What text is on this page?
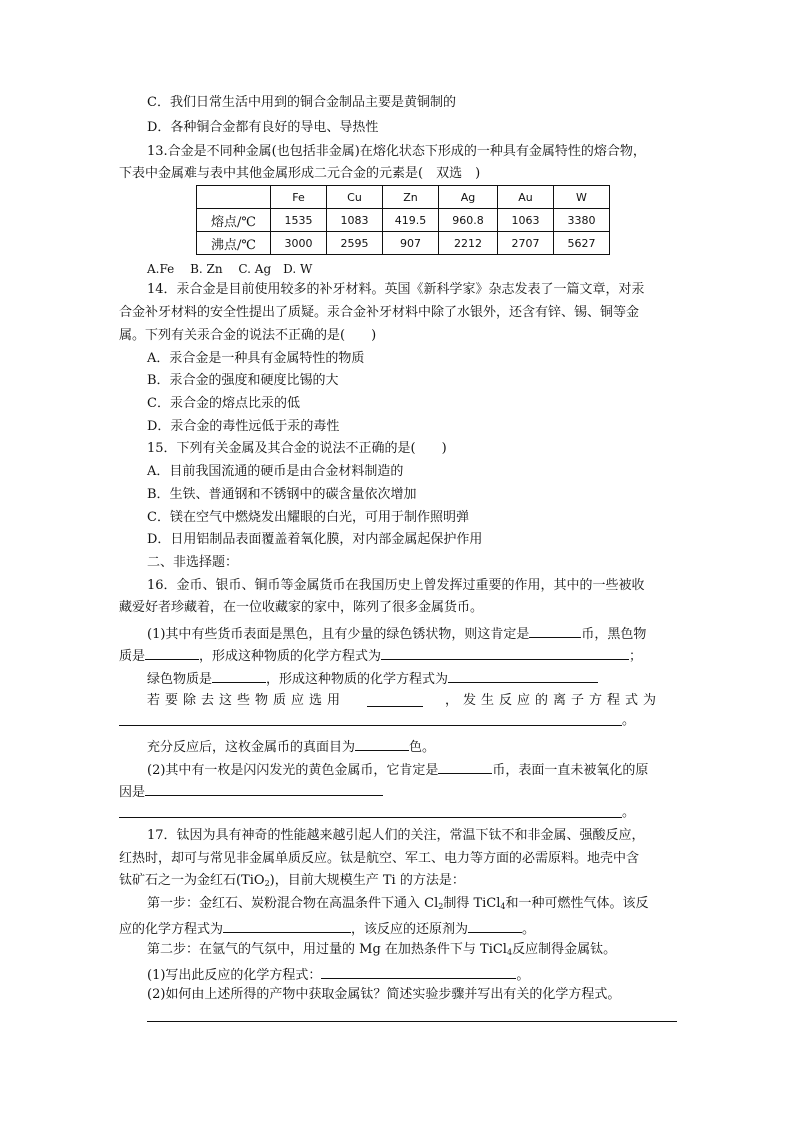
C．我们日常生活中用到的铜合金制品主要是黄铜制的
D．各种铜合金都有良好的导电、导热性
13.合金是不同种金属(也包括非金属)在熔化状态下形成的一种具有金属特性的熔合物，
下表中金属难与表中其他金属形成二元合金的元素是(　双选　)
	Fe	Cu	Zn	Ag	Au	W
熔点/℃	1535	1083	419.5	960.8	1063	3380
沸点/℃	3000	2595	907	2212	2707	5627
A.Fe　 B. Zn　 C. Ag　D. W
14．汞合金是目前使用较多的补牙材料。英国《新科学家》杂志发表了一篇文章，对汞
合金补牙材料的安全性提出了质疑。汞合金补牙材料中除了水银外，还含有锌、锡、铜等金
属。下列有关汞合金的说法不正确的是(　　)
A．汞合金是一种具有金属特性的物质
B．汞合金的强度和硬度比锡的大
C．汞合金的熔点比汞的低
D．汞合金的毒性远低于汞的毒性
15．下列有关金属及其合金的说法不正确的是(　　)
A．目前我国流通的硬币是由合金材料制造的
B．生铁、普通钢和不锈钢中的碳含量依次增加
C．镁在空气中燃烧发出耀眼的白光，可用于制作照明弹
D．日用铝制品表面覆盖着氧化膜，对内部金属起保护作用
二、非选择题：
16．金币、银币、铜币等金属货币在我国历史上曾发挥过重要的作用，其中的一些被收
藏爱好者珍藏着，在一位收藏家的家中，陈列了很多金属货币。
(1)其中有些货币表面是黑色，且有少量的绿色锈状物，则这肯定是	币，黑色物
质是	，形成这种物质的化学方程式为	；
绿色物质是	，形成这种物质的化学方程式为
若要除去这些物质应选用	，发生反应的离子方程式为
。
充分反应后，这枚金属币的真面目为	色。
(2)其中有一枚是闪闪发光的黄色金属币，它肯定是	币，表面一直未被氧化的原
因是
。
17．钛因为具有神奇的性能越来越引起人们的关注，常温下钛不和非金属、强酸反应，
红热时，却可与常见非金属单质反应。钛是航空、军工、电力等方面的必需原料。地壳中含
钛矿石之一为金红石(TiO$_2$)，目前大规模生产 Ti 的方法是：
第一步：金红石、炭粉混合物在高温条件下通入 $Cl_2$制得 TiCl$_4$和一种可燃性气体。该反
应的化学方程式为	，该反应的还原剂为	。
第二步：在氩气的气氛中，用过量的 Mg 在加热条件下与 TiCl$_4$反应制得金属钛。
(1)写出此反应的化学方程式：	。
(2)如何由上述所得的产物中获取金属钛？简述实验步骤并写出有关的化学方程式。
